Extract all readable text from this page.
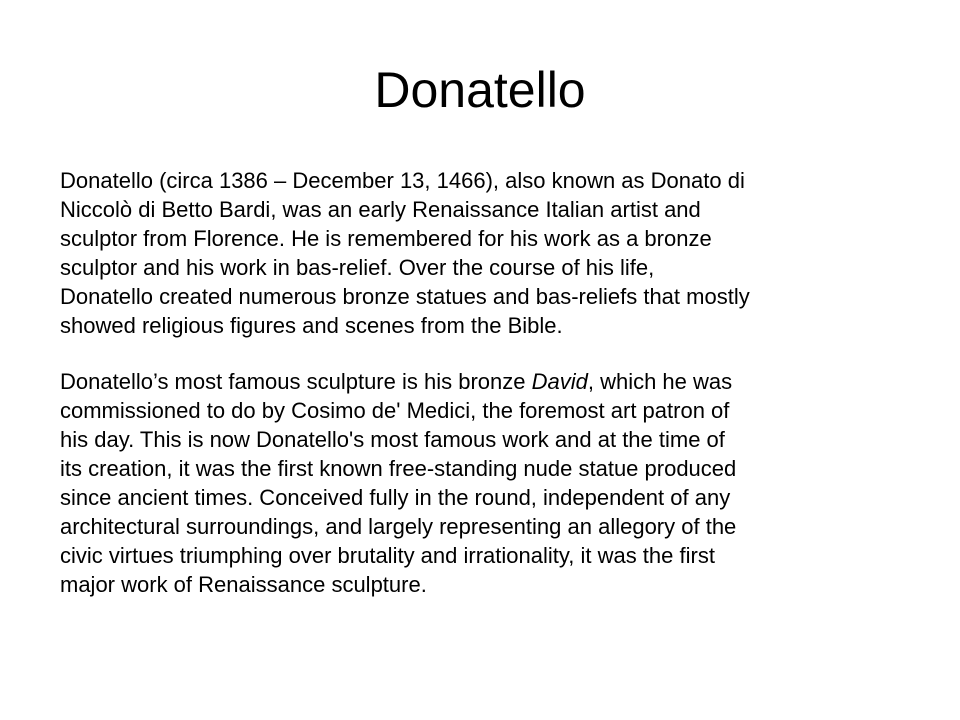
Donatello

Donatello (circa 1386 – December 13, 1466), also known as Donato di
Niccolò di Betto Bardi, was an early Renaissance Italian artist and
sculptor from Florence. He is remembered for his work as a bronze
sculptor and his work in bas-relief. Over the course of his life,
Donatello created numerous bronze statues and bas-reliefs that mostly
showed religious figures and scenes from the Bible.

Donatello’s most famous sculpture is his bronze David, which he was
commissioned to do by Cosimo de' Medici, the foremost art patron of
his day. This is now Donatello's most famous work and at the time of
its creation, it was the first known free-standing nude statue produced
since ancient times. Conceived fully in the round, independent of any
architectural surroundings, and largely representing an allegory of the
civic virtues triumphing over brutality and irrationality, it was the first
major work of Renaissance sculpture.
